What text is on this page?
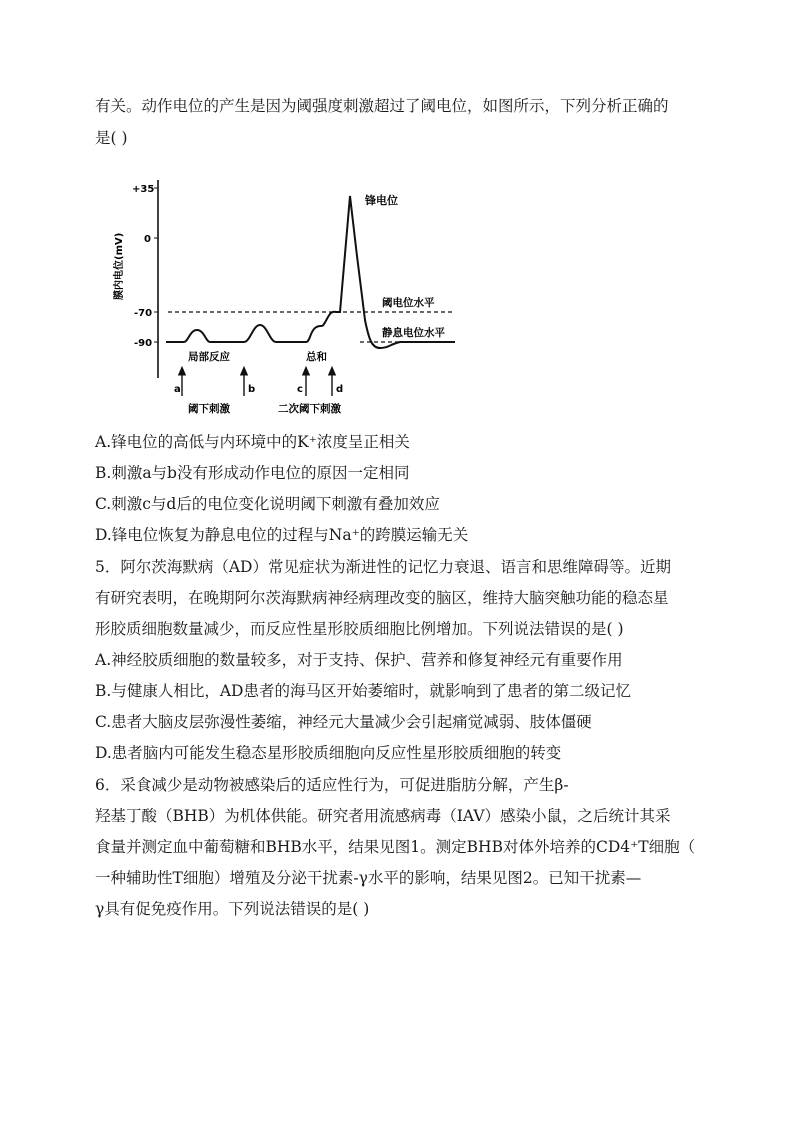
有关。动作电位的产生是因为阈强度刺激超过了阈电位，如图所示，下列分析正确的
是( )
膜内电位(mV)
+35
0
-70
-90
锋电位
阈电位水平
静息电位水平
局部反应	总和
a	b	c	d
阈下刺激	二次阈下刺激
A.锋电位的高低与内环境中的K⁺浓度呈正相关
B.刺激a与b没有形成动作电位的原因一定相同
C.刺激c与d后的电位变化说明阈下刺激有叠加效应
D.锋电位恢复为静息电位的过程与Na⁺的跨膜运输无关
5．阿尔茨海默病（AD）常见症状为渐进性的记忆力衰退、语言和思维障碍等。近期
有研究表明，在晚期阿尔茨海默病神经病理改变的脑区，维持大脑突触功能的稳态星
形胶质细胞数量减少，而反应性星形胶质细胞比例增加。下列说法错误的是( )
A.神经胶质细胞的数量较多，对于支持、保护、营养和修复神经元有重要作用
B.与健康人相比，AD患者的海马区开始萎缩时，就影响到了患者的第二级记忆
C.患者大脑皮层弥漫性萎缩，神经元大量减少会引起痛觉减弱、肢体僵硬
D.患者脑内可能发生稳态星形胶质细胞向反应性星形胶质细胞的转变
6．采食减少是动物被感染后的适应性行为，可促进脂肪分解，产生β-
羟基丁酸（BHB）为机体供能。研究者用流感病毒（IAV）感染小鼠，之后统计其采
食量并测定血中葡萄糖和BHB水平，结果见图1。测定BHB对体外培养的CD4⁺T细胞（
一种辅助性T细胞）增殖及分泌干扰素-γ水平的影响，结果见图2。已知干扰素—
γ具有促免疫作用。下列说法错误的是( )
